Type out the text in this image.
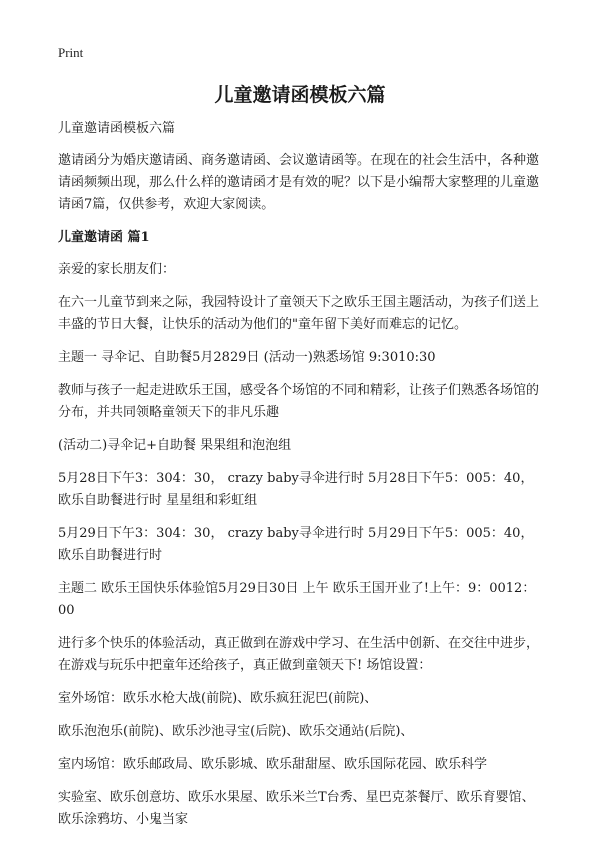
Print
儿童邀请函模板六篇

儿童邀请函模板六篇

邀请函分为婚庆邀请函、商务邀请函、会议邀请函等。在现在的社会生活中，各种邀请函频频出现，那么什么样的邀请函才是有效的呢？以下是小编帮大家整理的儿童邀请函7篇，仅供参考，欢迎大家阅读。

儿童邀请函 篇1

亲爱的家长朋友们：

在六一儿童节到来之际，我园特设计了童领天下之欧乐王国主题活动，为孩子们送上丰盛的节日大餐，让快乐的活动为他们的"童年留下美好而难忘的记忆。

主题一 寻伞记、自助餐5月2829日 (活动一)熟悉场馆 9:3010:30

教师与孩子一起走进欧乐王国，感受各个场馆的不同和精彩，让孩子们熟悉各场馆的分布，并共同领略童领天下的非凡乐趣

(活动二)寻伞记+自助餐 果果组和泡泡组

5月28日下午3：304：30， crazy baby寻伞进行时 5月28日下午5：005：40，欧乐自助餐进行时 星星组和彩虹组

5月29日下午3：304：30， crazy baby寻伞进行时 5月29日下午5：005：40，欧乐自助餐进行时

主题二 欧乐王国快乐体验馆5月29日30日 上午 欧乐王国开业了!上午：9：0012：00

进行多个快乐的体验活动，真正做到在游戏中学习、在生活中创新、在交往中进步，在游戏与玩乐中把童年还给孩子，真正做到童领天下! 场馆设置：

室外场馆：欧乐水枪大战(前院)、欧乐疯狂泥巴(前院)、

欧乐泡泡乐(前院)、欧乐沙池寻宝(后院)、欧乐交通站(后院)、

室内场馆：欧乐邮政局、欧乐影城、欧乐甜甜屋、欧乐国际花园、欧乐科学

实验室、欧乐创意坊、欧乐水果屋、欧乐米兰T台秀、星巴克茶餐厅、欧乐育婴馆、欧乐涂鸦坊、小鬼当家
